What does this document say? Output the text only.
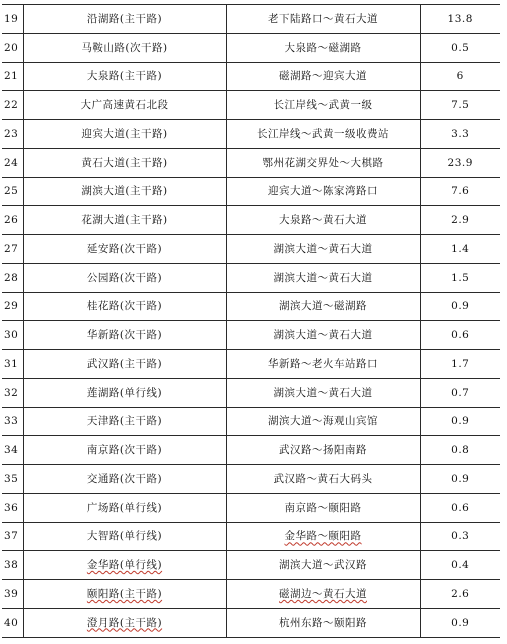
19	沿湖路(主干路)	老下陆路口～黄石大道	13.8
20	马鞍山路(次干路)	大泉路～磁湖路	0.5
21	大泉路(主干路)	磁湖路～迎宾大道	6
22	大广高速黄石北段	长江岸线～武黄一级	7.5
23	迎宾大道(主干路)	长江岸线～武黄一级收费站	3.3
24	黄石大道(主干路)	鄂州花湖交界处～大棋路	23.9
25	湖滨大道(主干路)	迎宾大道～陈家湾路口	7.6
26	花湖大道(主干路)	大泉路～黄石大道	2.9
27	延安路(次干路)	湖滨大道～黄石大道	1.4
28	公园路(次干路)	湖滨大道～黄石大道	1.5
29	桂花路(次干路)	湖滨大道～磁湖路	0.9
30	华新路(次干路)	湖滨大道～黄石大道	0.6
31	武汉路(主干路)	华新路～老火车站路口	1.7
32	莲湖路(单行线)	湖滨大道～黄石大道	0.7
33	天津路(主干路)	湖滨大道～海观山宾馆	0.9
34	南京路(次干路)	武汉路～扬阳南路	0.8
35	交通路(次干路)	武汉路～黄石大码头	0.9
36	广场路(单行线)	南京路～颐阳路	0.6
37	大智路(单行线)	金华路～颐阳路	0.3
38	金华路(单行线)	湖滨大道～武汉路	0.4
39	颐阳路(主干路)	磁湖边～黄石大道	2.6
40	澄月路(主干路)	杭州东路～颐阳路	0.9
